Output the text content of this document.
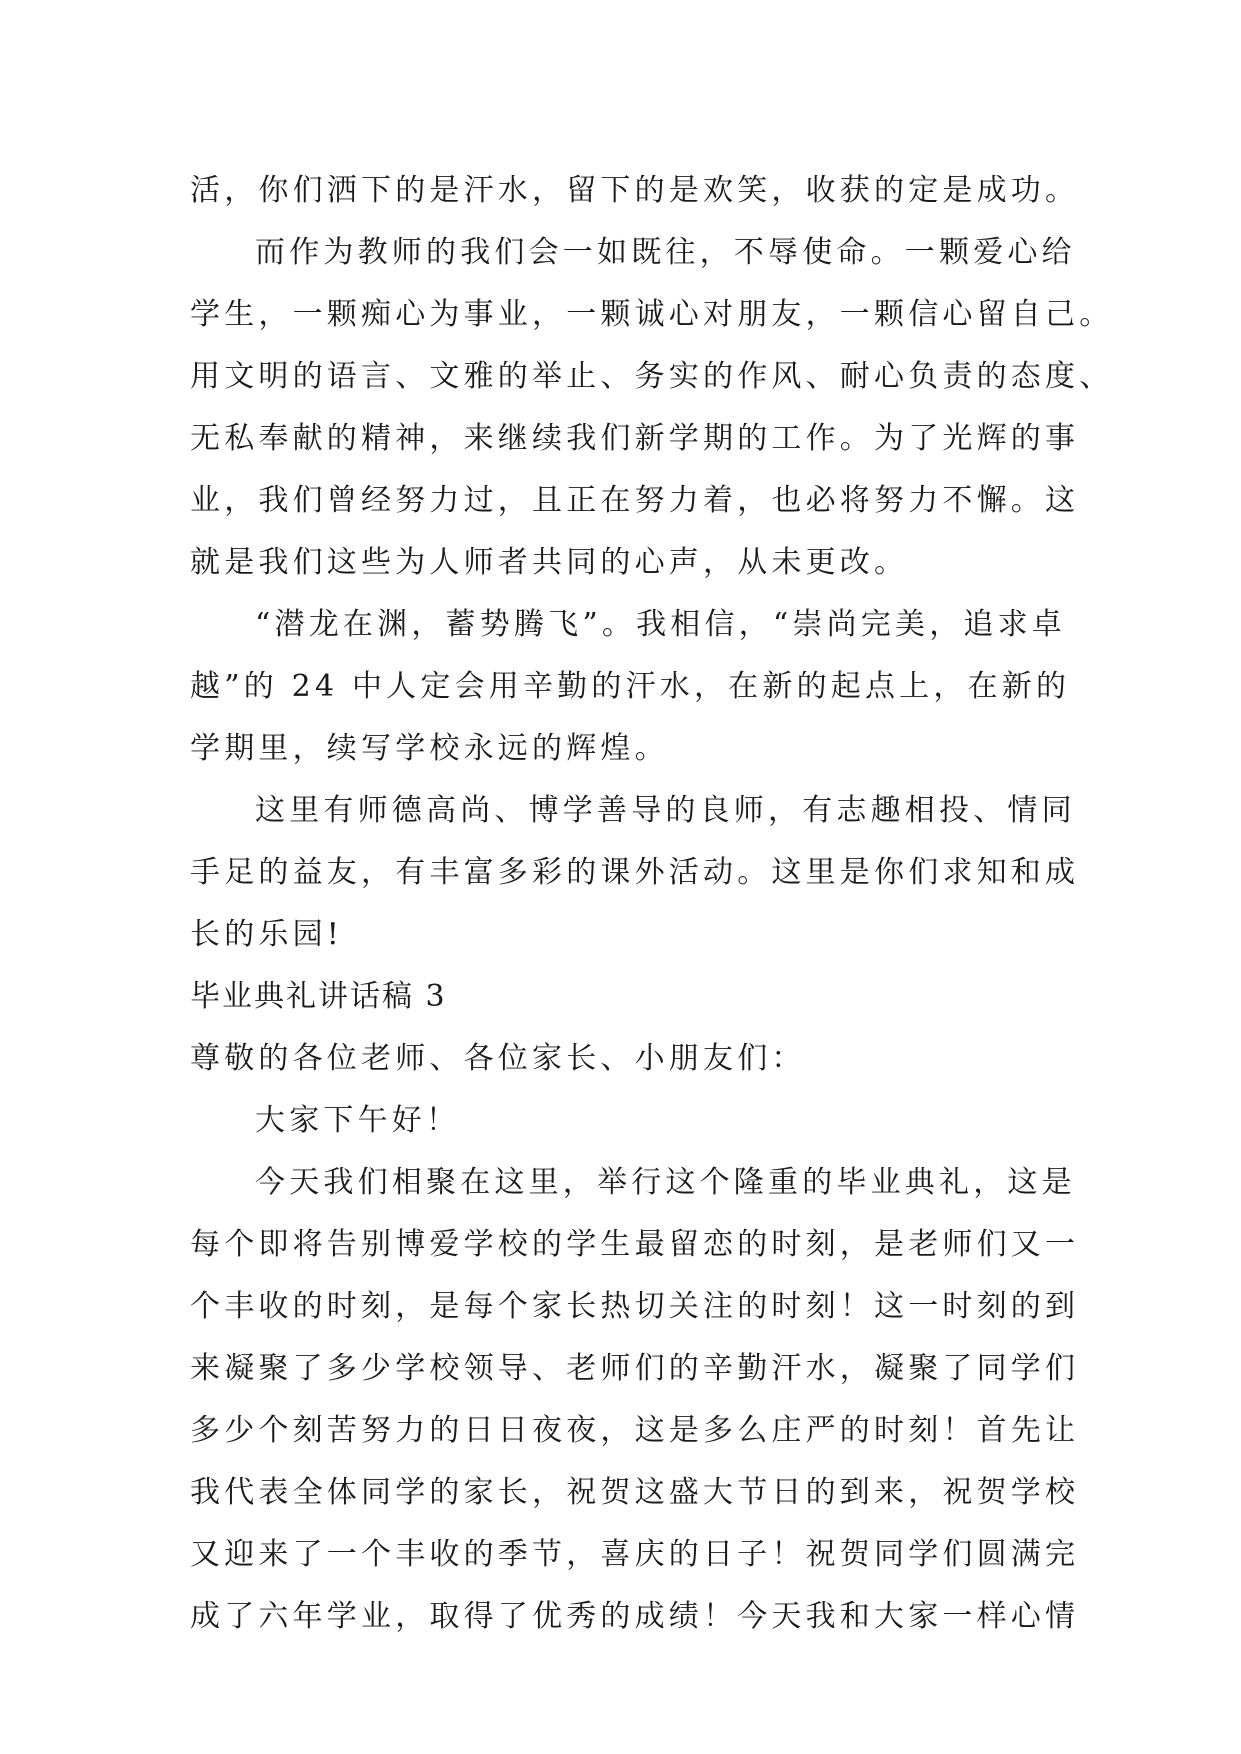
活，你们洒下的是汗水，留下的是欢笑，收获的定是成功。

而作为教师的我们会一如既往，不辱使命。一颗爱心给

学生，一颗痴心为事业，一颗诚心对朋友，一颗信心留自己。

用文明的语言、文雅的举止、务实的作风、耐心负责的态度、

无私奉献的精神，来继续我们新学期的工作。为了光辉的事

业，我们曾经努力过，且正在努力着，也必将努力不懈。这

就是我们这些为人师者共同的心声，从未更改。

“潜龙在渊，蓄势腾飞”。我相信，“崇尚完美，追求卓

越”的 24 中人定会用辛勤的汗水，在新的起点上，在新的

学期里，续写学校永远的辉煌。

这里有师德高尚、博学善导的良师，有志趣相投、情同

手足的益友，有丰富多彩的课外活动。这里是你们求知和成

长的乐园!

毕业典礼讲话稿 3

尊敬的各位老师、各位家长、小朋友们：

大家下午好！

今天我们相聚在这里，举行这个隆重的毕业典礼，这是

每个即将告别博爱学校的学生最留恋的时刻，是老师们又一

个丰收的时刻，是每个家长热切关注的时刻！这一时刻的到

来凝聚了多少学校领导、老师们的辛勤汗水，凝聚了同学们

多少个刻苦努力的日日夜夜，这是多么庄严的时刻！首先让

我代表全体同学的家长，祝贺这盛大节日的到来，祝贺学校

又迎来了一个丰收的季节，喜庆的日子！祝贺同学们圆满完

成了六年学业，取得了优秀的成绩！今天我和大家一样心情
